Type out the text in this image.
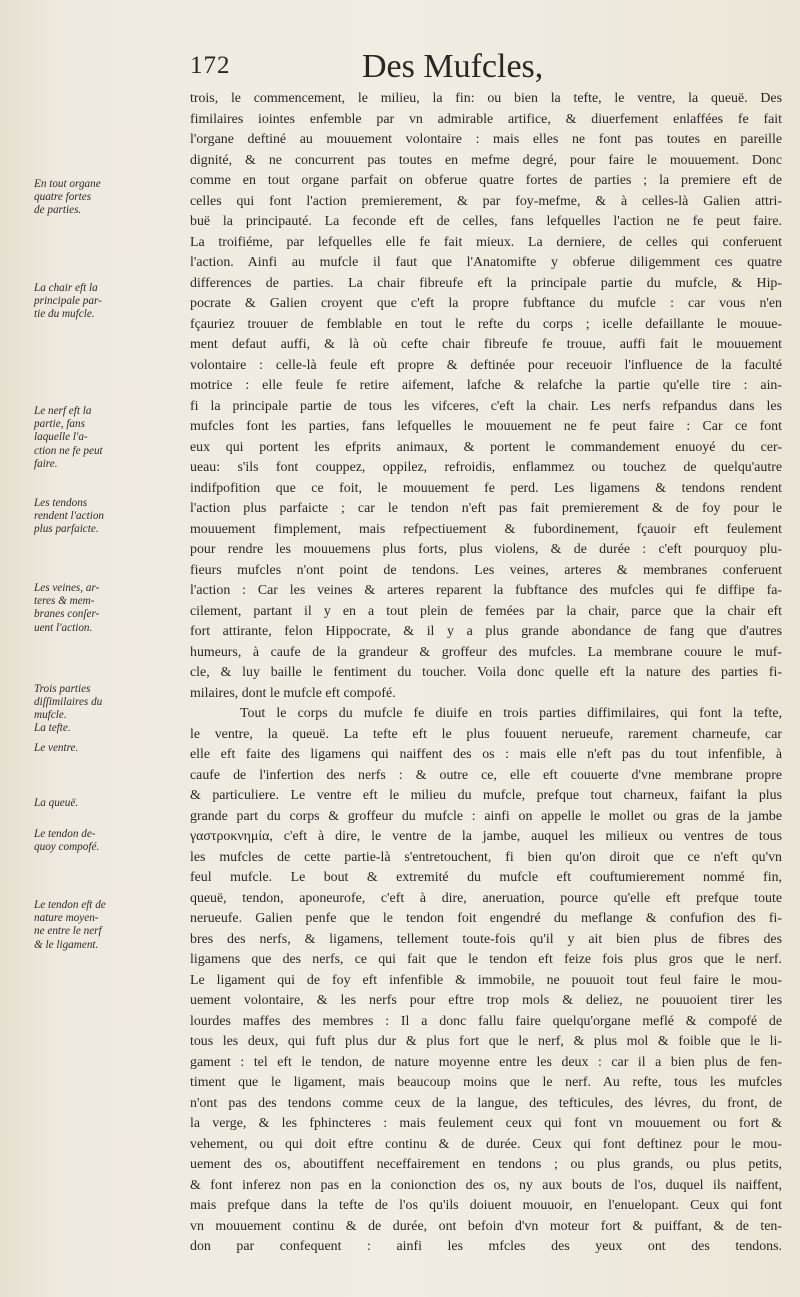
172	Des Mufcles,
trois, le commencement, le milieu, la fin: ou bien la tefte, le ventre, la queuë. Des
fimilaires iointes enfemble par vn admirable artifice, & diuerfement enlaffées fe fait
l'organe deftiné au mouuement volontaire : mais elles ne font pas toutes en pareille
dignité, & ne concurrent pas toutes en mefme degré, pour faire le mouuement. Donc
comme en tout organe parfait on obferue quatre fortes de parties ; la premiere eft de
celles qui font l'action premierement, & par foy-mefme, & à celles-là Galien attri-
buë la principauté. La feconde eft de celles, fans lefquelles l'action ne fe peut faire.
La troifiéme, par lefquelles elle fe fait mieux. La derniere, de celles qui conferuent
l'action. Ainfi au mufcle il faut que l'Anatomifte y obferue diligemment ces quatre
differences de parties. La chair fibreufe eft la principale partie du mufcle, & Hip-
pocrate & Galien croyent que c'eft la propre fubftance du mufcle : car vous n'en
fçauriez trouuer de femblable en tout le refte du corps ; icelle defaillante le mouue-
ment defaut auffi, & là où cefte chair fibreufe fe trouue, auffi fait le mouuement
volontaire : celle-là feule eft propre & deftinée pour receuoir l'influence de la faculté
motrice : elle feule fe retire aifement, lafche & relafche la partie qu'elle tire : ain-
fi la principale partie de tous les vifceres, c'eft la chair. Les nerfs refpandus dans les
mufcles font les parties, fans lefquelles le mouuement ne fe peut faire : Car ce font
eux qui portent les efprits animaux, & portent le commandement enuoyé du cer-
ueau: s'ils font couppez, oppilez, refroidis, enflammez ou touchez de quelqu'autre
indifpofition que ce foit, le mouuement fe perd. Les ligamens & tendons rendent
l'action plus parfaicte ; car le tendon n'eft pas fait premierement & de foy pour le
mouuement fimplement, mais refpectiuement & fubordinement, fçauoir eft feulement
pour rendre les mouuemens plus forts, plus violens, & de durée : c'eft pourquoy plu-
fieurs mufcles n'ont point de tendons. Les veines, arteres & membranes conferuent
l'action : Car les veines & arteres reparent la fubftance des mufcles qui fe diffipe fa-
cilement, partant il y en a tout plein de femées par la chair, parce que la chair eft
fort attirante, felon Hippocrate, & il y a plus grande abondance de fang que d'autres
humeurs, à caufe de la grandeur & groffeur des mufcles. La membrane couure le muf-
cle, & luy baille le fentiment du toucher. Voila donc quelle eft la nature des parties fi-
milaires, dont le mufcle eft compofé.
Tout le corps du mufcle fe diuife en trois parties diffimilaires, qui font la tefte,
le ventre, la queuë. La tefte eft le plus fouuent nerueufe, rarement charneufe, car
elle eft faite des ligamens qui naiffent des os : mais elle n'eft pas du tout infenfible, à
caufe de l'infertion des nerfs : & outre ce, elle eft couuerte d'vne membrane propre
& particuliere. Le ventre eft le milieu du mufcle, prefque tout charneux, faifant la plus
grande part du corps & groffeur du mufcle : ainfi on appelle le mollet ou gras de la jambe
γαστροκνημία, c'eft à dire, le ventre de la jambe, auquel les milieux ou ventres de tous
les mufcles de cette partie-là s'entretouchent, fi bien qu'on diroit que ce n'eft qu'vn
feul mufcle. Le bout & extremité du mufcle eft couftumierement nommé fin,
queuë, tendon, aponeurofe, c'eft à dire, aneruation, pource qu'elle eft prefque toute
nerueufe. Galien penfe que le tendon foit engendré du meflange & confufion des fi-
bres des nerfs, & ligamens, tellement toute-fois qu'il y ait bien plus de fibres des
ligamens que des nerfs, ce qui fait que le tendon eft feize fois plus gros que le nerf.
Le ligament qui de foy eft infenfible & immobile, ne pouuoit tout feul faire le mou-
uement volontaire, & les nerfs pour eftre trop mols & deliez, ne pouuoient tirer les
lourdes maffes des membres : Il a donc fallu faire quelqu'organe meflé & compofé de
tous les deux, qui fuft plus dur & plus fort que le nerf, & plus mol & foible que le li-
gament : tel eft le tendon, de nature moyenne entre les deux : car il a bien plus de fen-
timent que le ligament, mais beaucoup moins que le nerf. Au refte, tous les mufcles
n'ont pas des tendons comme ceux de la langue, des tefticules, des lévres, du front, de
la verge, & les fphincteres : mais feulement ceux qui font vn mouuement ou fort &
vehement, ou qui doit eftre continu & de durée. Ceux qui font deftinez pour le mou-
uement des os, aboutiffent neceffairement en tendons ; ou plus grands, ou plus petits,
& font inferez non pas en la conionction des os, ny aux bouts de l'os, duquel ils naiffent,
mais prefque dans la tefte de l'os qu'ils doiuent mouuoir, en l'enuelopant. Ceux qui font
vn mouuement continu & de durée, ont befoin d'vn moteur fort & puiffant, & de ten-
don par confequent : ainfi les mfcles des yeux ont des tendons.
En tout organe
quatre fortes
de parties.
La chair eft la
principale par-
tie du mufcle.
Le nerf eft la
partie, fans
laquelle l'a-
ction ne fe peut
faire.
Les tendons
rendent l'action
plus parfaicte.
Les veines, ar-
teres & mem-
branes conſer-
uent l'action.
Trois parties
diſſimilaires du
mufcle.
La tefte.
Le ventre.
La queuë.
Le tendon de-
quoy compofé.
Le tendon eft de
nature moyen-
ne entre le nerf
& le ligament.
